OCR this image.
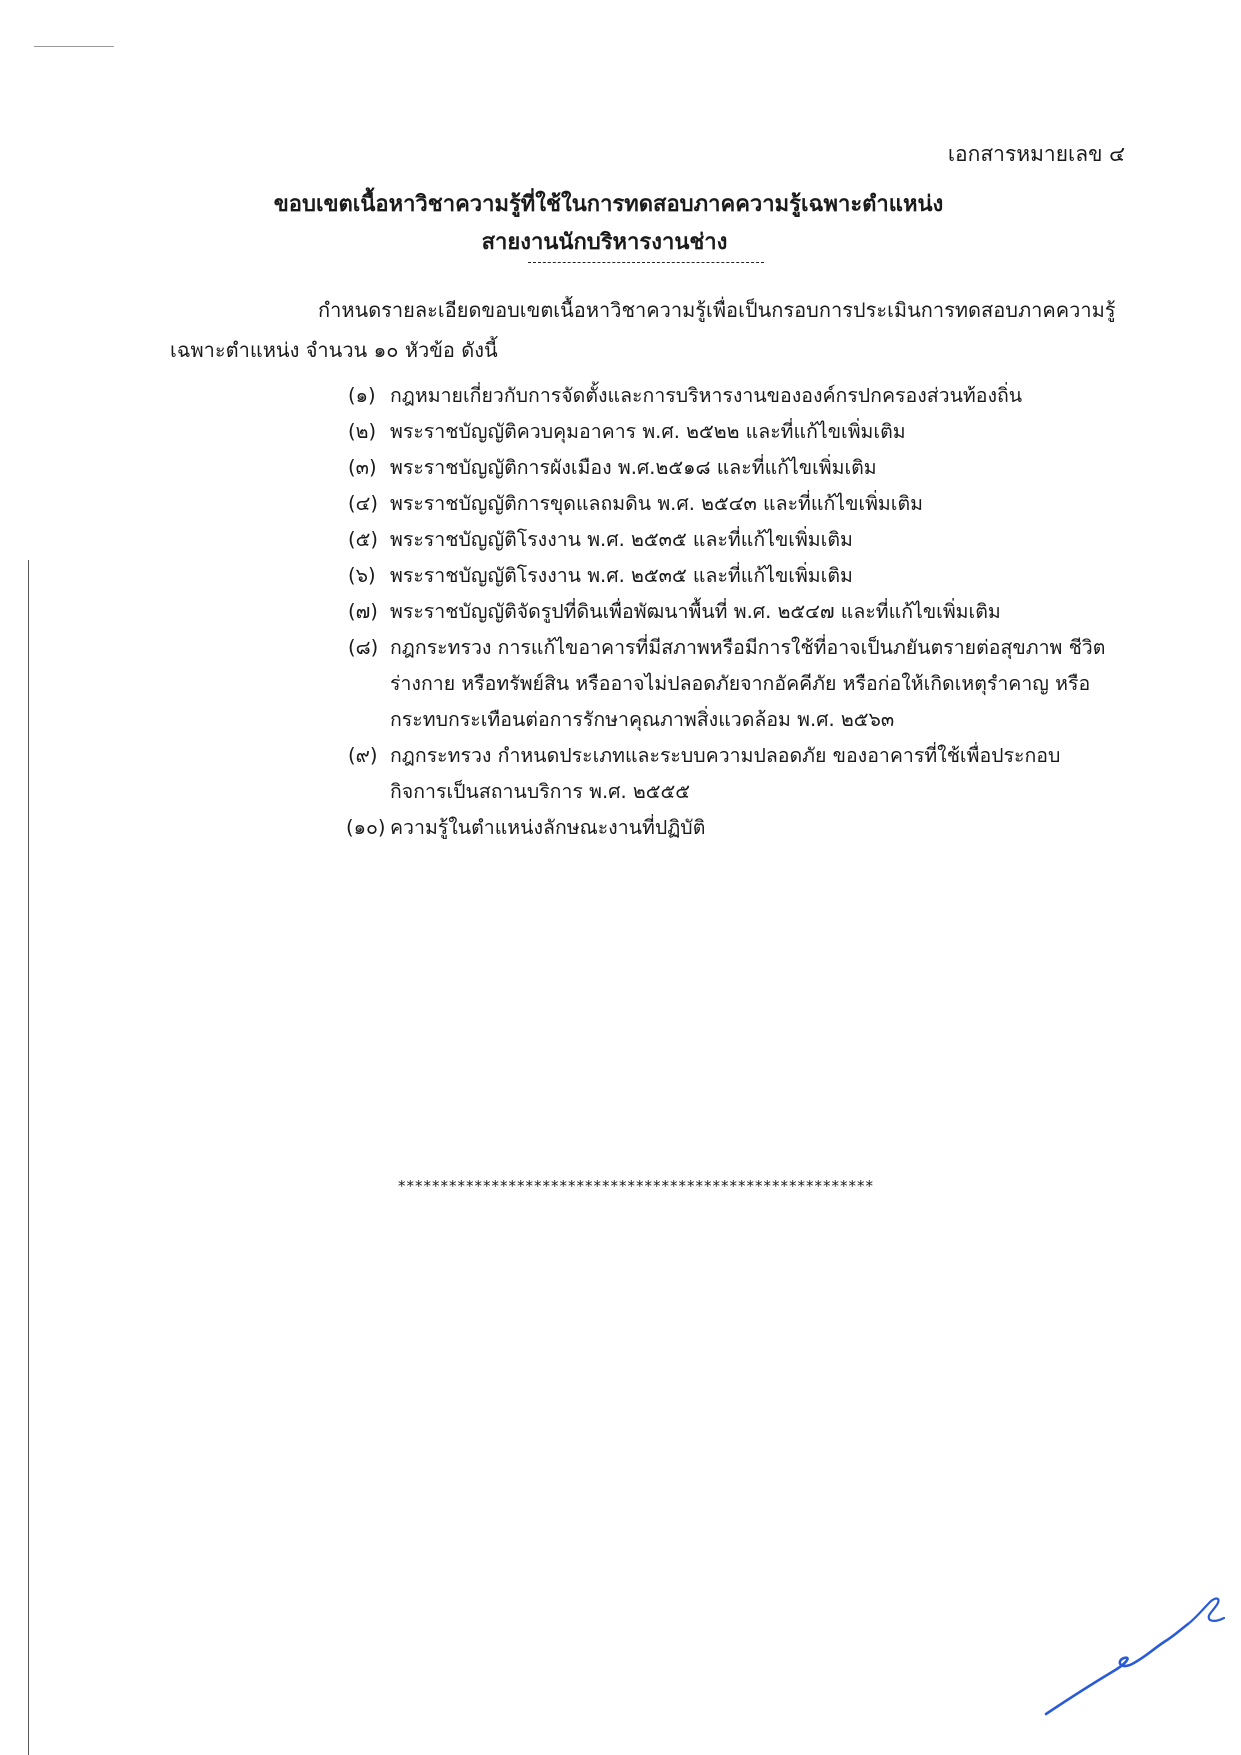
เอกสารหมายเลข ๔
ขอบเขตเนื้อหาวิชาความรู้ที่ใช้ในการทดสอบภาคความรู้เฉพาะตำแหน่ง
สายงานนักบริหารงานช่าง
กำหนดรายละเอียดขอบเขตเนื้อหาวิชาความรู้เพื่อเป็นกรอบการประเมินการทดสอบภาคความรู้
เฉพาะตำแหน่ง จำนวน ๑๐ หัวข้อ ดังนี้
(๑) กฎหมายเกี่ยวกับการจัดตั้งและการบริหารงานขององค์กรปกครองส่วนท้องถิ่น
(๒) พระราชบัญญัติควบคุมอาคาร พ.ศ. ๒๕๒๒ และที่แก้ไขเพิ่มเติม
(๓) พระราชบัญญัติการผังเมือง พ.ศ.๒๕๑๘ และที่แก้ไขเพิ่มเติม
(๔) พระราชบัญญัติการขุดแลถมดิน พ.ศ. ๒๕๔๓ และที่แก้ไขเพิ่มเติม
(๕) พระราชบัญญัติโรงงาน พ.ศ. ๒๕๓๕ และที่แก้ไขเพิ่มเติม
(๖) พระราชบัญญัติโรงงาน พ.ศ. ๒๕๓๕ และที่แก้ไขเพิ่มเติม
(๗) พระราชบัญญัติจัดรูปที่ดินเพื่อพัฒนาพื้นที่ พ.ศ. ๒๕๔๗ และที่แก้ไขเพิ่มเติม
(๘) กฎกระทรวง การแก้ไขอาคารที่มีสภาพหรือมีการใช้ที่อาจเป็นภยันตรายต่อสุขภาพ ชีวิตร่างกาย หรือทรัพย์สิน หรืออาจไม่ปลอดภัยจากอัคคีภัย หรือก่อให้เกิดเหตุรำคาญ หรือกระทบกระเทือนต่อการรักษาคุณภาพสิ่งแวดล้อม พ.ศ. ๒๕๖๓
(๙) กฎกระทรวง กำหนดประเภทและระบบความปลอดภัย ของอาคารที่ใช้เพื่อประกอบ กิจการเป็นสถานบริการ พ.ศ. ๒๕๕๕
(๑๐) ความรู้ในตำแหน่งลักษณะงานที่ปฏิบัติ
********************************************************
